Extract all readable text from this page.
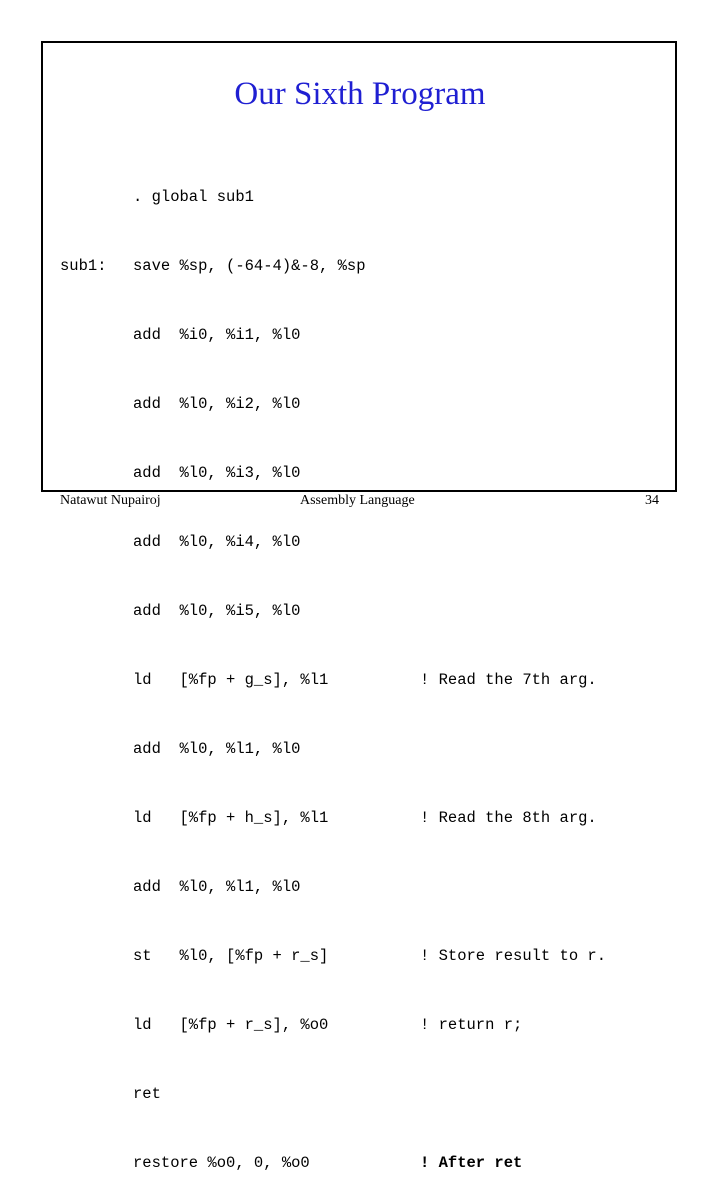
Our Sixth Program

sub1:

. global sub1

save %sp, (-64-4)&-8, %sp

add  %i0, %i1, %l0

add  %l0, %i2, %l0

add  %l0, %i3, %l0

add  %l0, %i4, %l0

add  %l0, %i5, %l0

ld   [%fp + g_s], %l1

add  %l0, %l1, %l0

ld   [%fp + h_s], %l1

add  %l0, %l1, %l0

st   %l0, [%fp + r_s]

ld   [%fp + r_s], %o0

ret

restore %o0, 0, %o0

! Read the 7th arg.

! Read the 8th arg.

! Store result to r.

! return r;

! After ret

Natawut Nupairoj	Assembly Language	34
